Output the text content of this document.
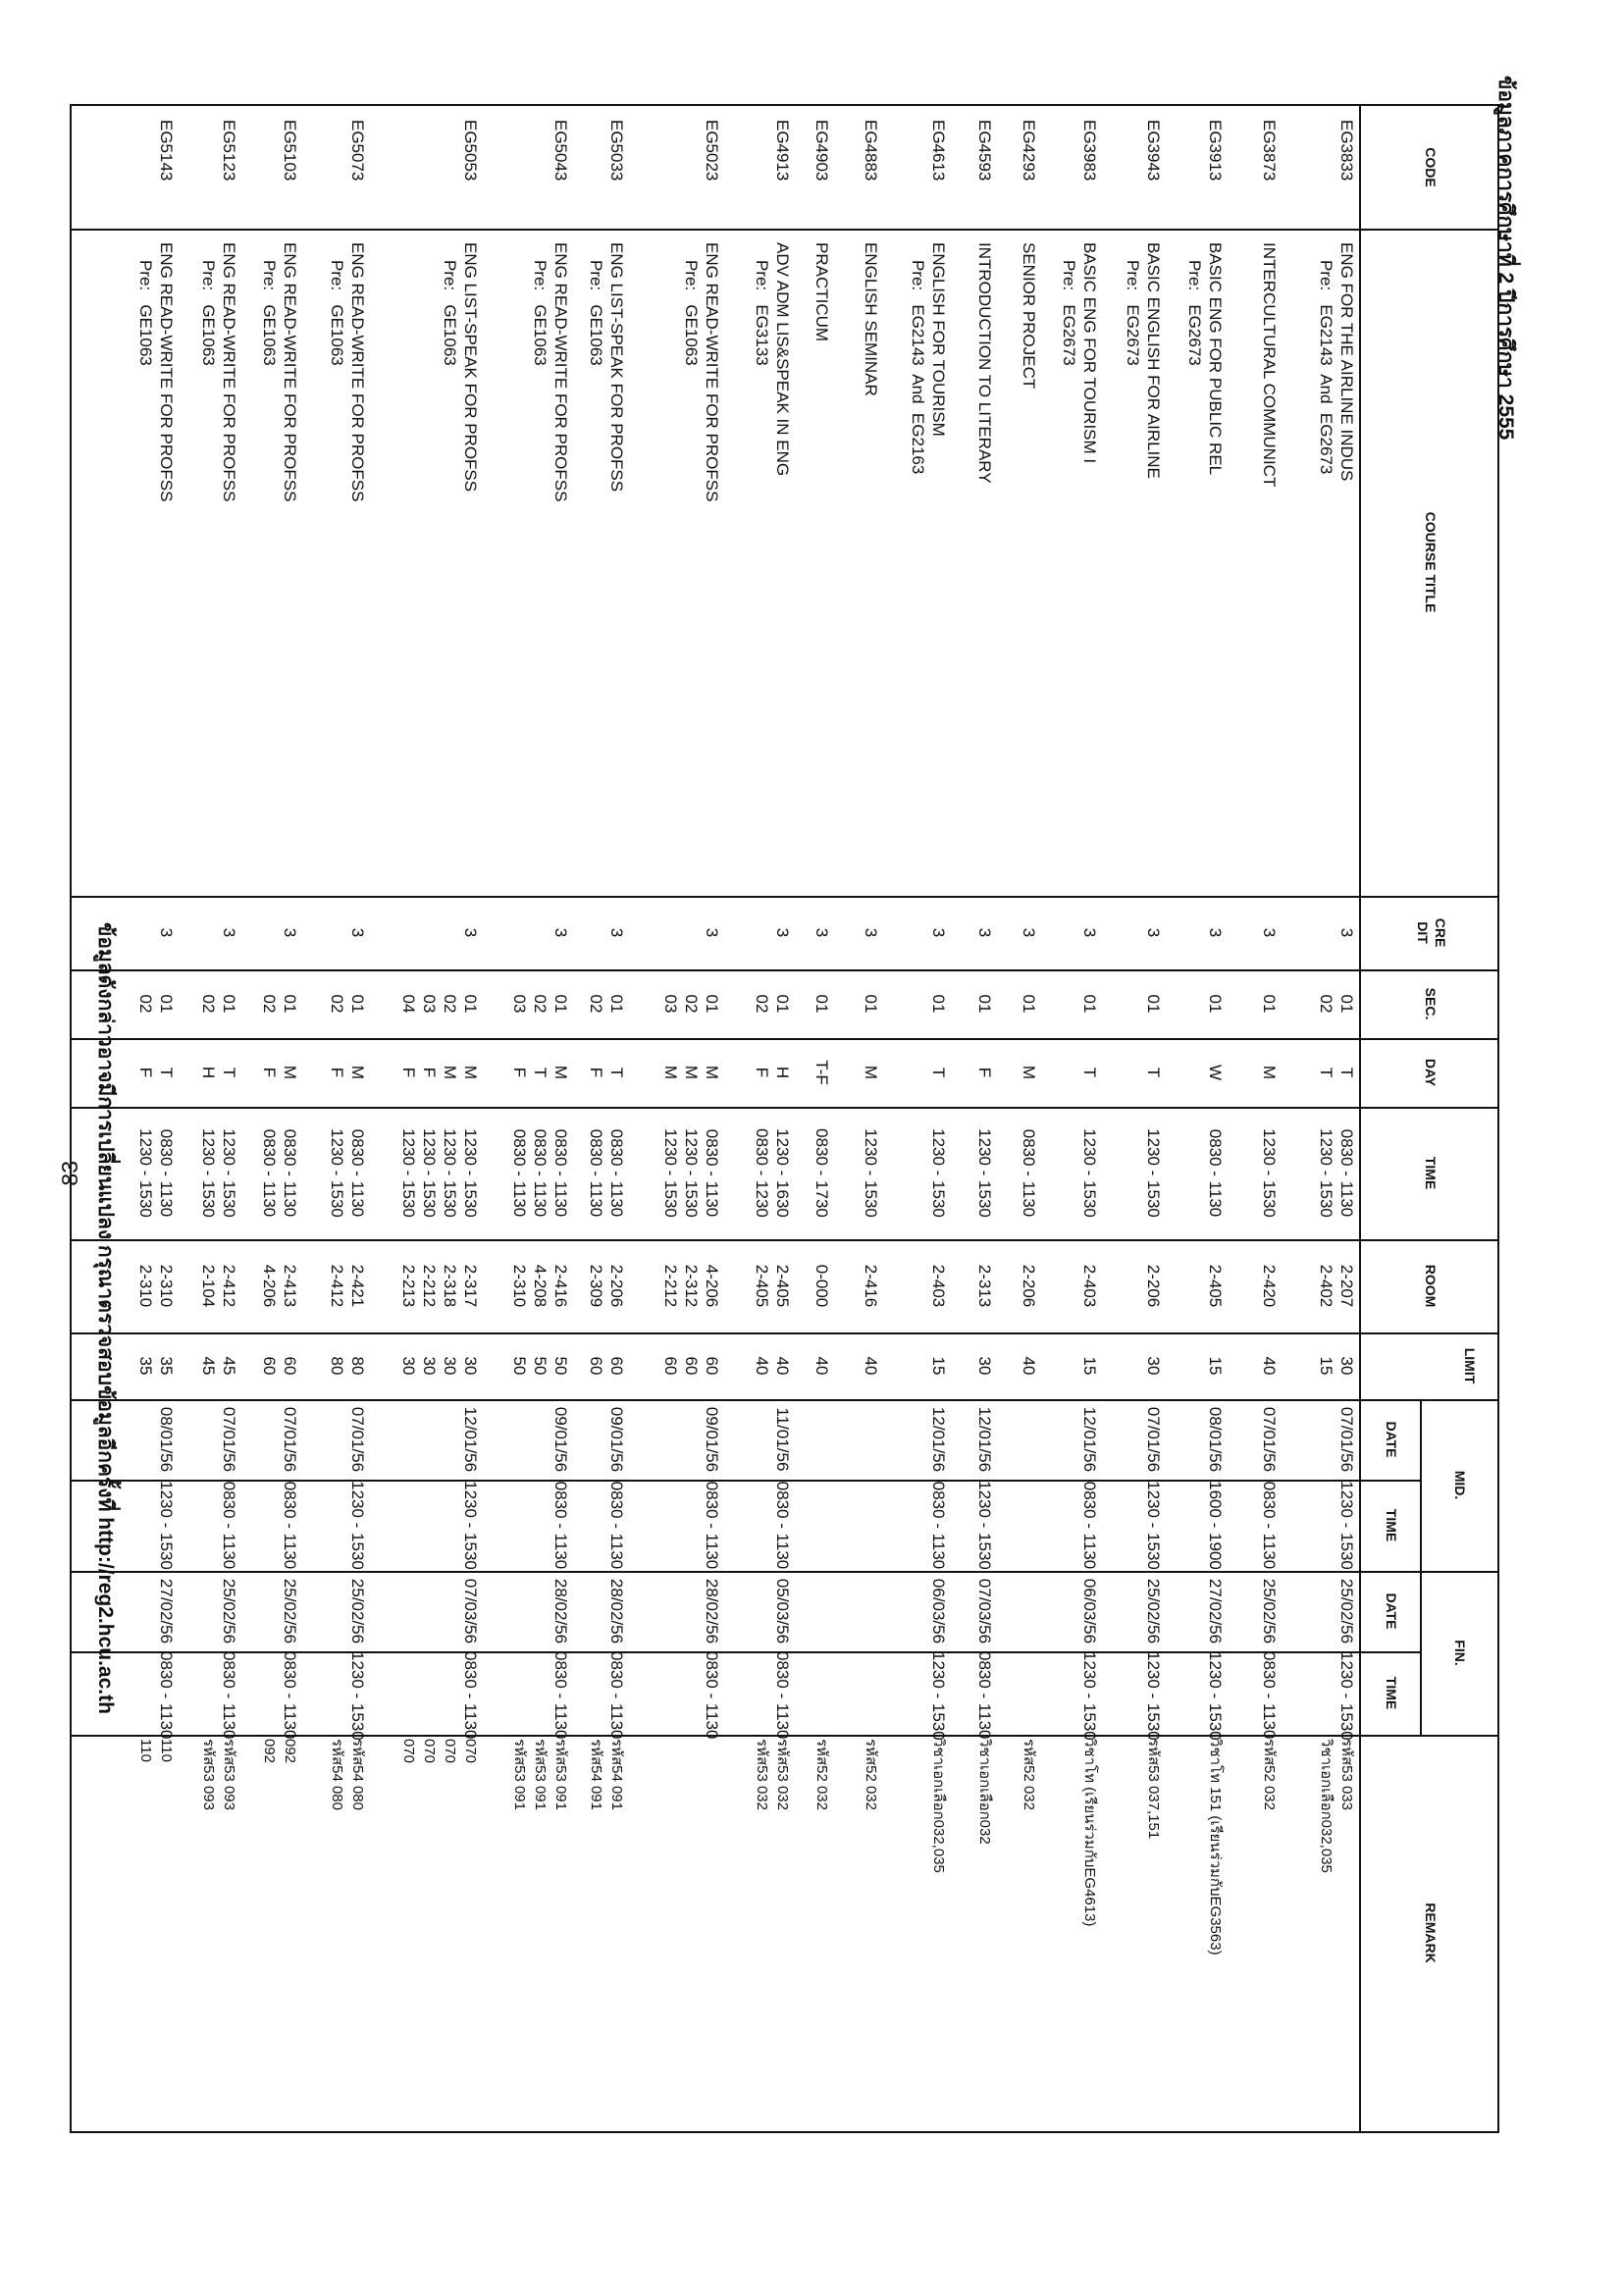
83
ข้อมูลภาคการศึกษาที่ 2 ปีการศึกษา 2555
CODE
COURSE TITLE
CRE
DIT
SEC.
DAY
TIME
ROOM
LIMIT
MID.
DATE
TIME
FIN.
DATE
TIME
REMARK
EG3833
ENG FOR THE AIRLINE INDUS
Pre:   EG2143  And  EG2673
3
01
T
0830 - 1130
2-207
30
02
T
1230 - 1530
2-402
15
07/01/56
1230 - 1530
25/02/56
1230 - 1530
รหัส53 033
วิชาเอกเลือก032,035
EG3873
INTERCULTURAL COMMUNICT
3
01
M
1230 - 1530
2-420
40
07/01/56
0830 - 1130
25/02/56
0830 - 1130
รหัส52 032
EG3913
BASIC ENG FOR PUBLIC REL
Pre:   EG2673
3
01
W
0830 - 1130
2-405
15
08/01/56
1600 - 1900
27/02/56
1230 - 1530
วิชาโท 151 (เรียนร่วมกับEG3563)
EG3943
BASIC ENGLISH FOR AIRLINE
Pre:   EG2673
3
01
T
1230 - 1530
2-206
30
07/01/56
1230 - 1530
25/02/56
1230 - 1530
รหัส53 037,151
EG3983
BASIC ENG FOR TOURISM I
Pre:   EG2673
3
01
T
1230 - 1530
2-403
15
12/01/56
0830 - 1130
06/03/56
1230 - 1530
วิชาโท (เรียนร่วมกับEG4613)
EG4293
SENIOR PROJECT
3
01
M
0830 - 1130
2-206
40
รหัส52 032
EG4593
INTRODUCTION TO LITERARY
3
01
F
1230 - 1530
2-313
30
12/01/56
1230 - 1530
07/03/56
0830 - 1130
วิชาเอกเลือก032
EG4613
ENGLISH FOR TOURISM
Pre:   EG2143  And  EG2163
3
01
T
1230 - 1530
2-403
15
12/01/56
0830 - 1130
06/03/56
1230 - 1530
วิชาเอกเลือก032,035
EG4883
ENGLISH SEMINAR
3
01
M
1230 - 1530
2-416
40
รหัส52 032
EG4903
PRACTICUM
3
01
T-F
0830 - 1730
0-000
40
รหัส52 032
EG4913
ADV ADM LIS&SPEAK IN ENG
Pre:   EG3133
3
01
H
1230 - 1630
2-405
40
02
F
0830 - 1230
2-405
40
11/01/56
0830 - 1130
05/03/56
0830 - 1130
รหัส53 032
รหัส53 032
EG5023
ENG READ-WRITE FOR PROFSS
Pre:   GE1063
3
01
M
0830 - 1130
4-206
60
02
M
1230 - 1530
2-312
60
03
M
1230 - 1530
2-212
60
09/01/56
0830 - 1130
28/02/56
0830 - 1130
EG5033
ENG LIST-SPEAK FOR PROFSS
Pre:   GE1063
3
01
T
0830 - 1130
2-206
60
02
F
0830 - 1130
2-309
60
09/01/56
0830 - 1130
28/02/56
0830 - 1130
รหัส54 091
รหัส54 091
EG5043
ENG READ-WRITE FOR PROFSS
Pre:   GE1063
3
01
M
0830 - 1130
2-416
50
02
T
0830 - 1130
4-208
50
03
F
0830 - 1130
2-310
50
09/01/56
0830 - 1130
28/02/56
0830 - 1130
รหัส53 091
รหัส53 091
รหัส53 091
EG5053
ENG LIST-SPEAK FOR PROFSS
Pre:   GE1063
3
01
M
1230 - 1530
2-317
30
02
M
1230 - 1530
2-318
30
03
F
1230 - 1530
2-212
30
04
F
1230 - 1530
2-213
30
12/01/56
1230 - 1530
07/03/56
0830 - 1130
070
070
070
070
EG5073
ENG READ-WRITE FOR PROFSS
Pre:   GE1063
3
01
M
0830 - 1130
2-421
80
02
F
1230 - 1530
2-412
80
07/01/56
1230 - 1530
25/02/56
1230 - 1530
รหัส54 080
รหัส54 080
EG5103
ENG READ-WRITE FOR PROFSS
Pre:   GE1063
3
01
M
0830 - 1130
2-413
60
02
F
0830 - 1130
4-206
60
07/01/56
0830 - 1130
25/02/56
0830 - 1130
092
092
EG5123
ENG READ-WRITE FOR PROFSS
Pre:   GE1063
3
01
T
1230 - 1530
2-412
45
02
H
1230 - 1530
2-104
45
07/01/56
0830 - 1130
25/02/56
0830 - 1130
รหัส53 093
รหัส53 093
EG5143
ENG READ-WRITE FOR PROFSS
Pre:   GE1063
3
01
T
0830 - 1130
2-310
35
02
F
1230 - 1530
2-310
35
08/01/56
1230 - 1530
27/02/56
0830 - 1130
110
110
ข้อมูลดังกล่าวอาจมีการเปลี่ยนแปลง กรุณาตรวจสอบข้อมูลอีกครั้งที่ http://reg2.hcu.ac.th
